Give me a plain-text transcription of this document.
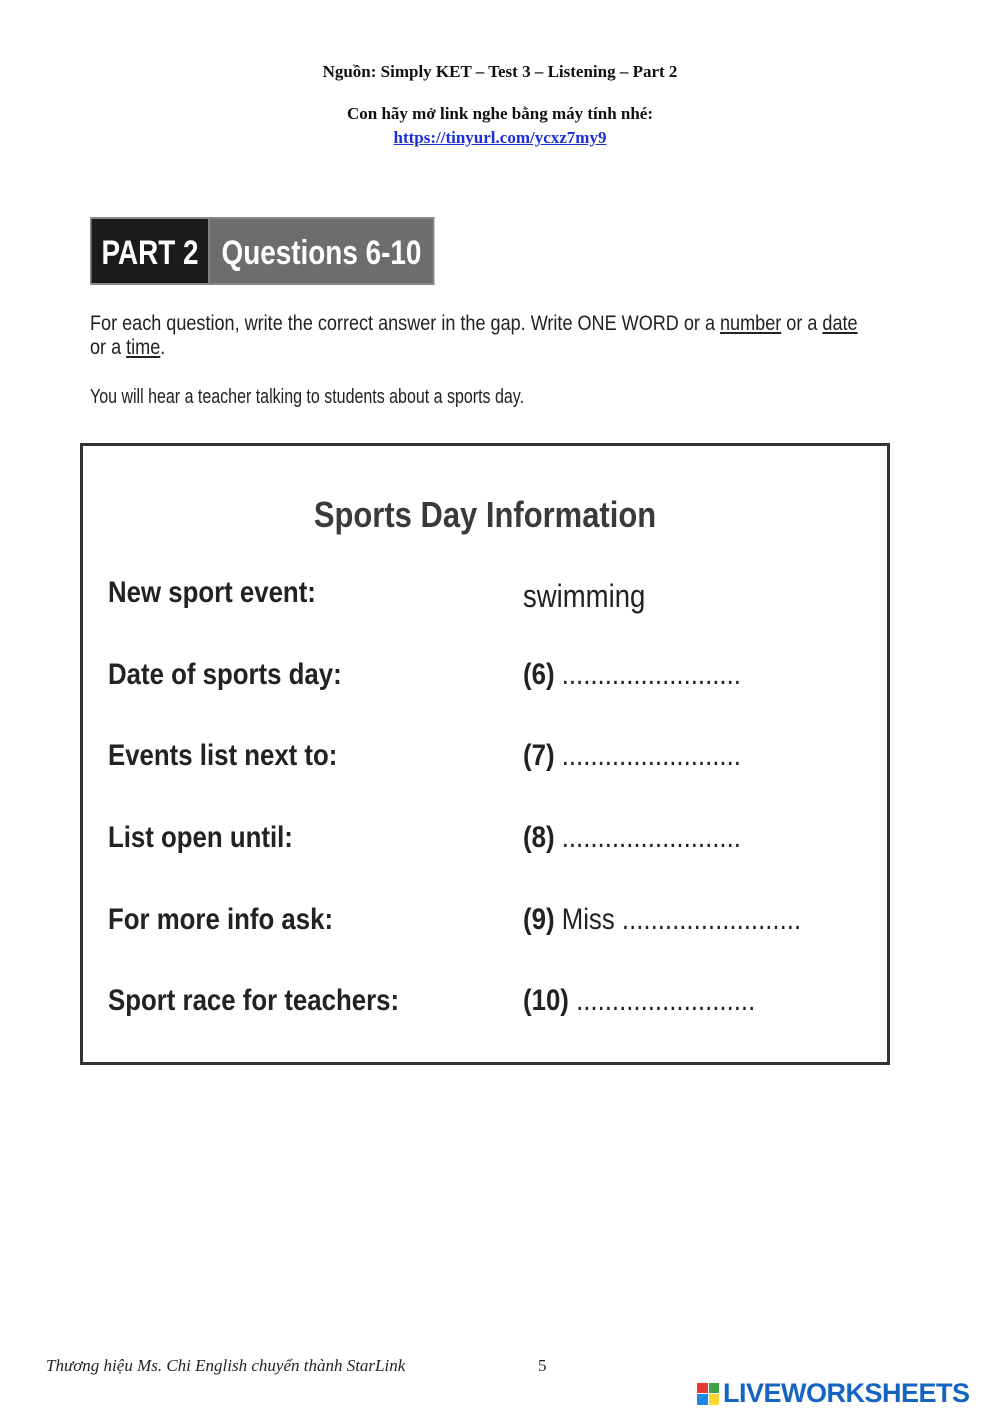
Nguồn: Simply KET – Test 3 – Listening – Part 2
Con hãy mở link nghe bằng máy tính nhé:
https://tinyurl.com/ycxz7my9
PART 2 Questions 6-10
For each question, write the correct answer in the gap. Write ONE WORD or a number or a date or a time.
You will hear a teacher talking to students about a sports day.
Sports Day Information
New sport event:	swimming
Date of sports day:	(6) .........................
Events list next to:	(7) .........................
List open until:	(8) .........................
For more info ask:	(9) Miss .........................
Sport race for teachers:	(10) .........................
Thương hiệu Ms. Chi English chuyển thành StarLink	5
LIVEWORKSHEETS
